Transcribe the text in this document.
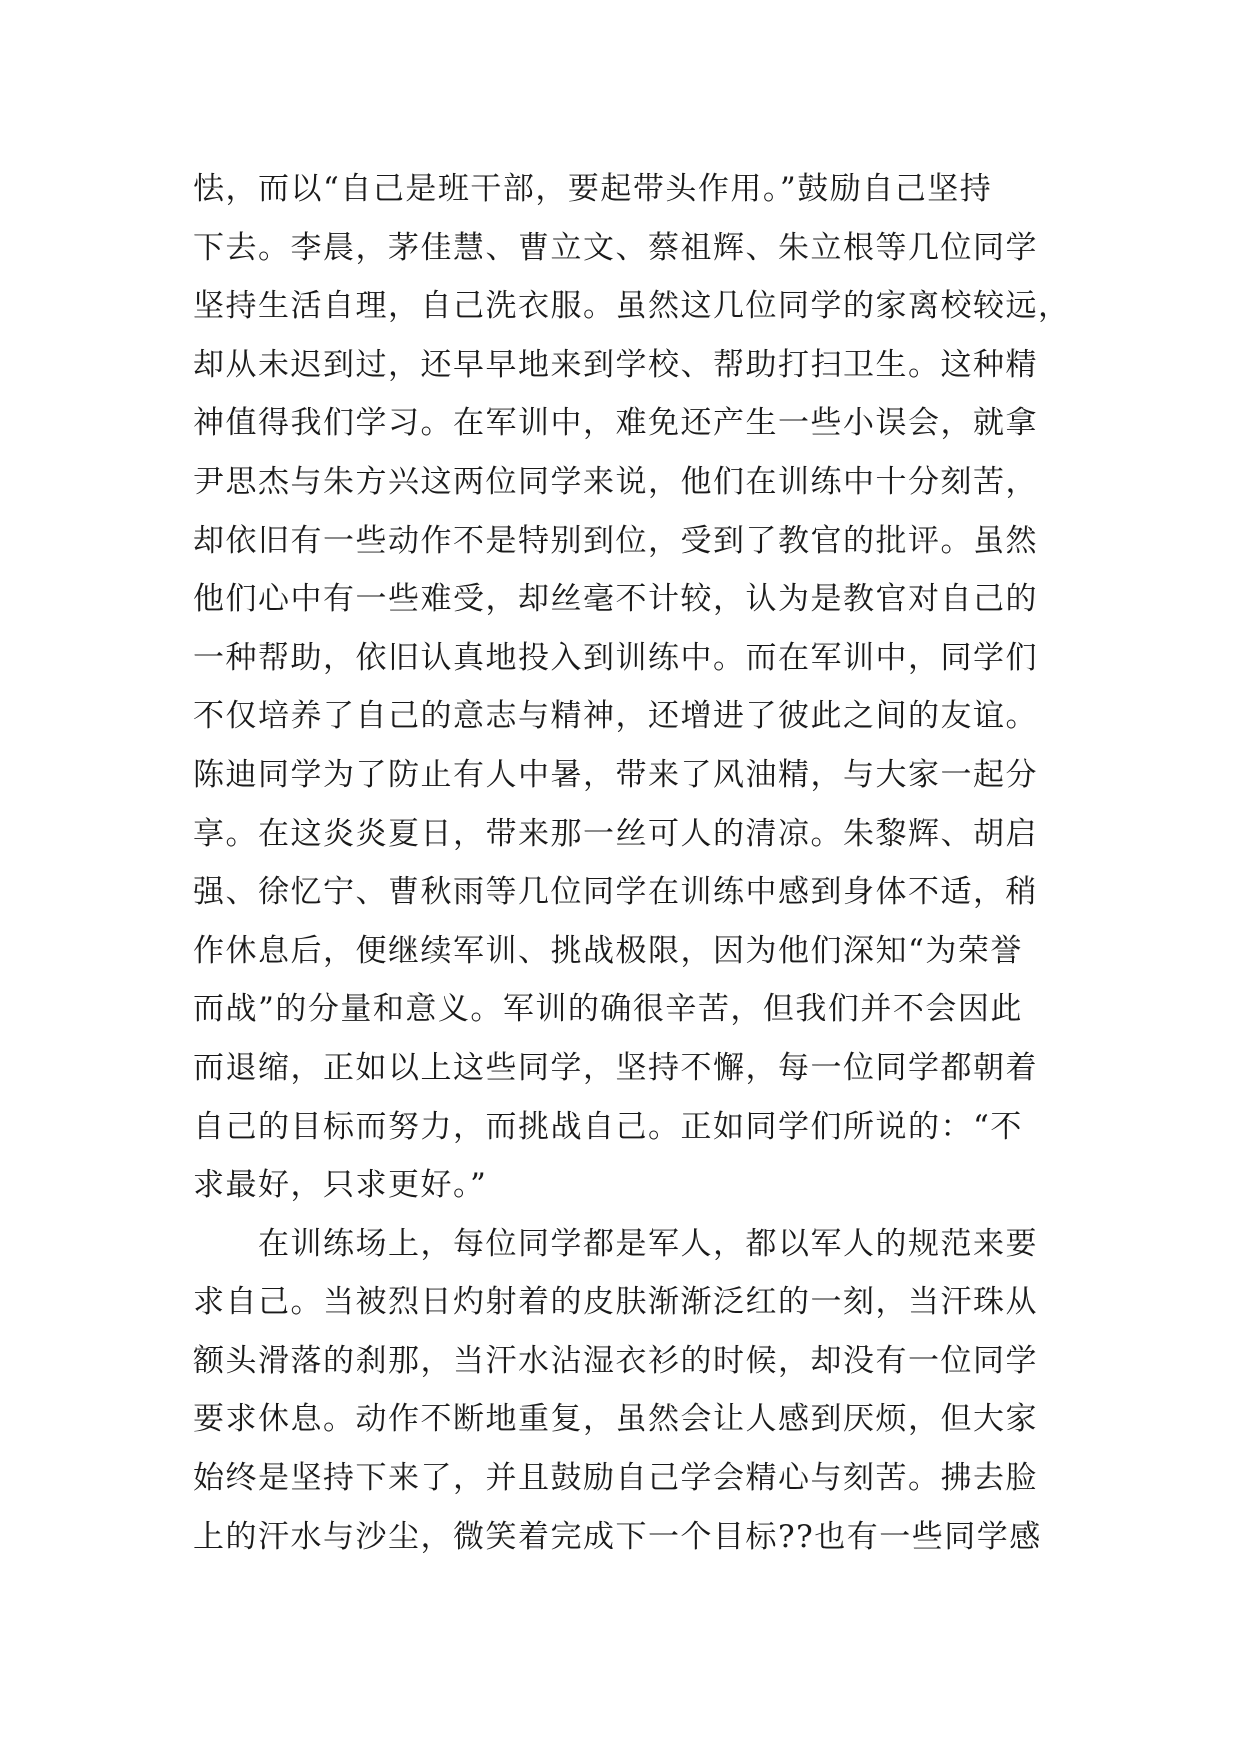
怯，而以“自己是班干部，要起带头作用。”鼓励自己坚持
下去。李晨，茅佳慧、曹立文、蔡祖辉、朱立根等几位同学
坚持生活自理，自己洗衣服。虽然这几位同学的家离校较远，
却从未迟到过，还早早地来到学校、帮助打扫卫生。这种精
神值得我们学习。在军训中，难免还产生一些小误会，就拿
尹思杰与朱方兴这两位同学来说，他们在训练中十分刻苦，
却依旧有一些动作不是特别到位，受到了教官的批评。虽然
他们心中有一些难受，却丝毫不计较，认为是教官对自己的
一种帮助，依旧认真地投入到训练中。而在军训中，同学们
不仅培养了自己的意志与精神，还增进了彼此之间的友谊。
陈迪同学为了防止有人中暑，带来了风油精，与大家一起分
享。在这炎炎夏日，带来那一丝可人的清凉。朱黎辉、胡启
强、徐忆宁、曹秋雨等几位同学在训练中感到身体不适，稍
作休息后，便继续军训、挑战极限，因为他们深知“为荣誉
而战”的分量和意义。军训的确很辛苦，但我们并不会因此
而退缩，正如以上这些同学，坚持不懈，每一位同学都朝着
自己的目标而努力，而挑战自己。正如同学们所说的：“不
求最好，只求更好。”
　　在训练场上，每位同学都是军人，都以军人的规范来要
求自己。当被烈日灼射着的皮肤渐渐泛红的一刻，当汗珠从
额头滑落的刹那，当汗水沾湿衣衫的时候，却没有一位同学
要求休息。动作不断地重复，虽然会让人感到厌烦，但大家
始终是坚持下来了，并且鼓励自己学会精心与刻苦。拂去脸
上的汗水与沙尘，微笑着完成下一个目标??也有一些同学感
